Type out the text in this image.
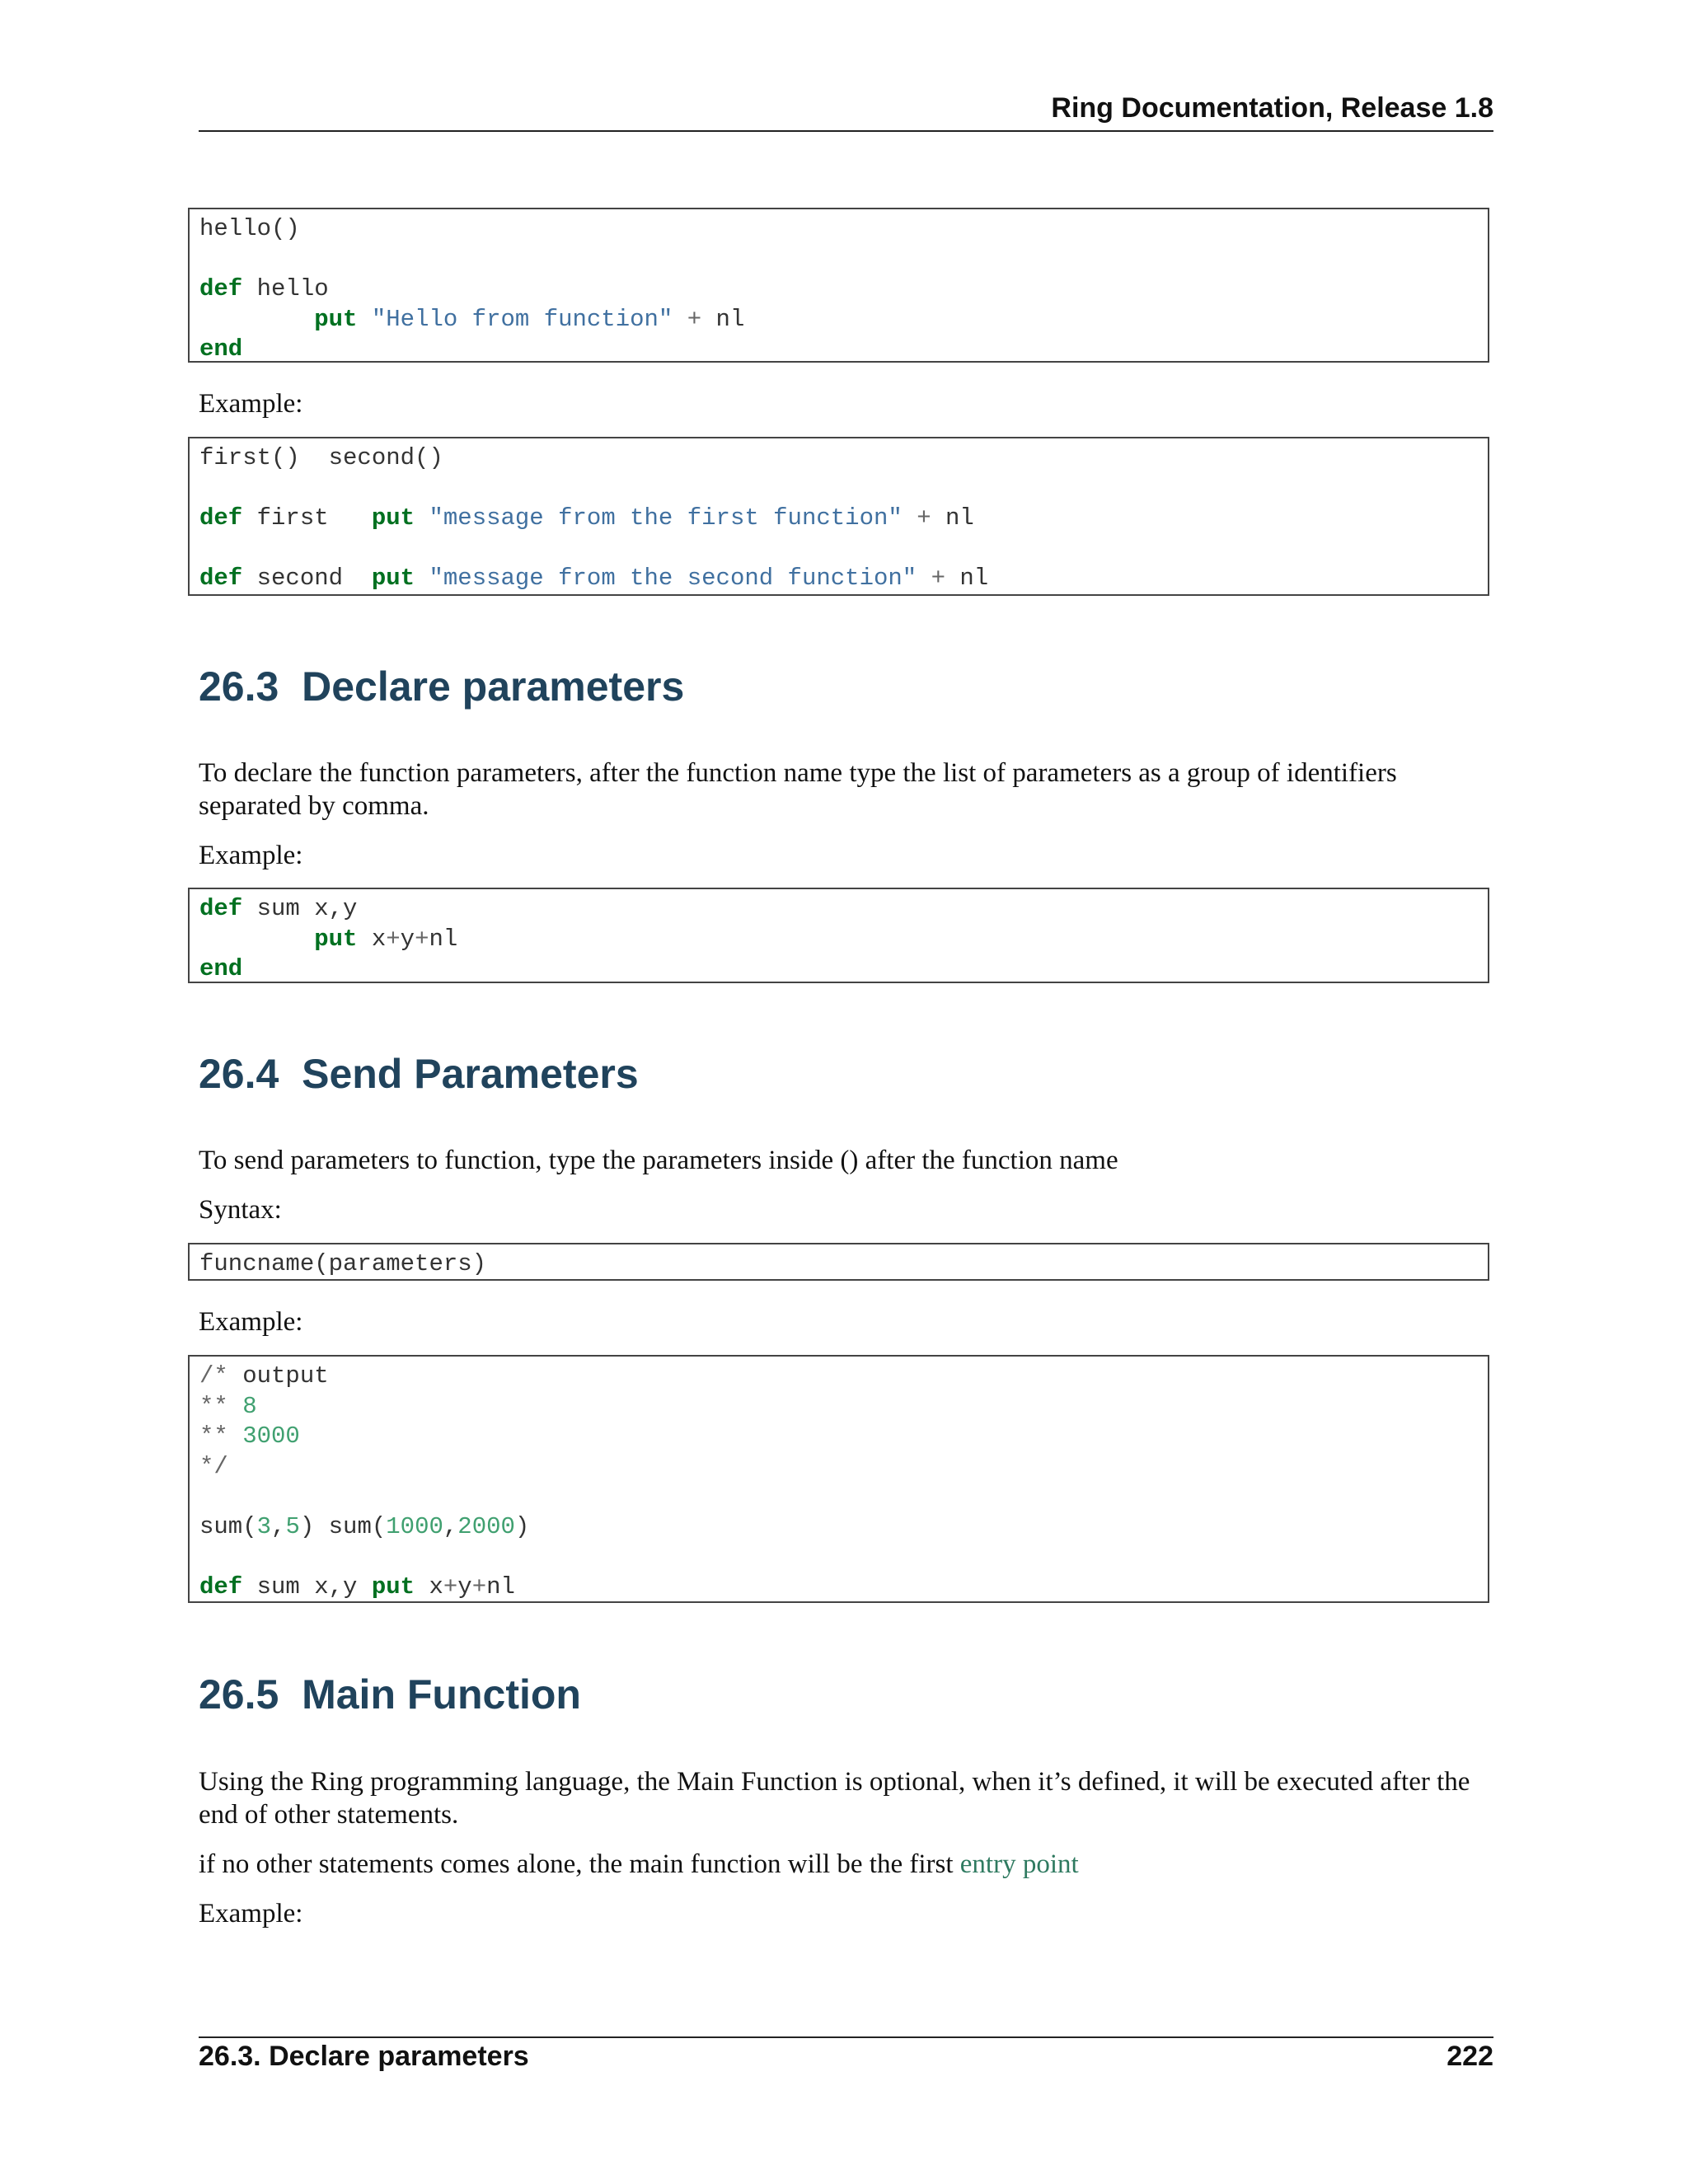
Ring Documentation, Release 1.8
hello()
def hello
put "Hello from function" + nl
end
Example:
first()  second()
def first   put "message from the first function" + nl
def second  put "message from the second function" + nl
26.3  Declare parameters
To declare the function parameters, after the function name type the list of parameters as a group of identifiers separated by comma.
Example:
def sum x,y
put x+y+nl
end
26.4  Send Parameters
To send parameters to function, type the parameters inside () after the function name
Syntax:
funcname(parameters)
Example:
/* output
** 8
** 3000
*/
sum(3,5) sum(1000,2000)
def sum x,y put x+y+nl
26.5  Main Function
Using the Ring programming language, the Main Function is optional, when it’s defined, it will be executed after the end of other statements.
if no other statements comes alone, the main function will be the first entry point
Example:
26.3. Declare parameters	222
